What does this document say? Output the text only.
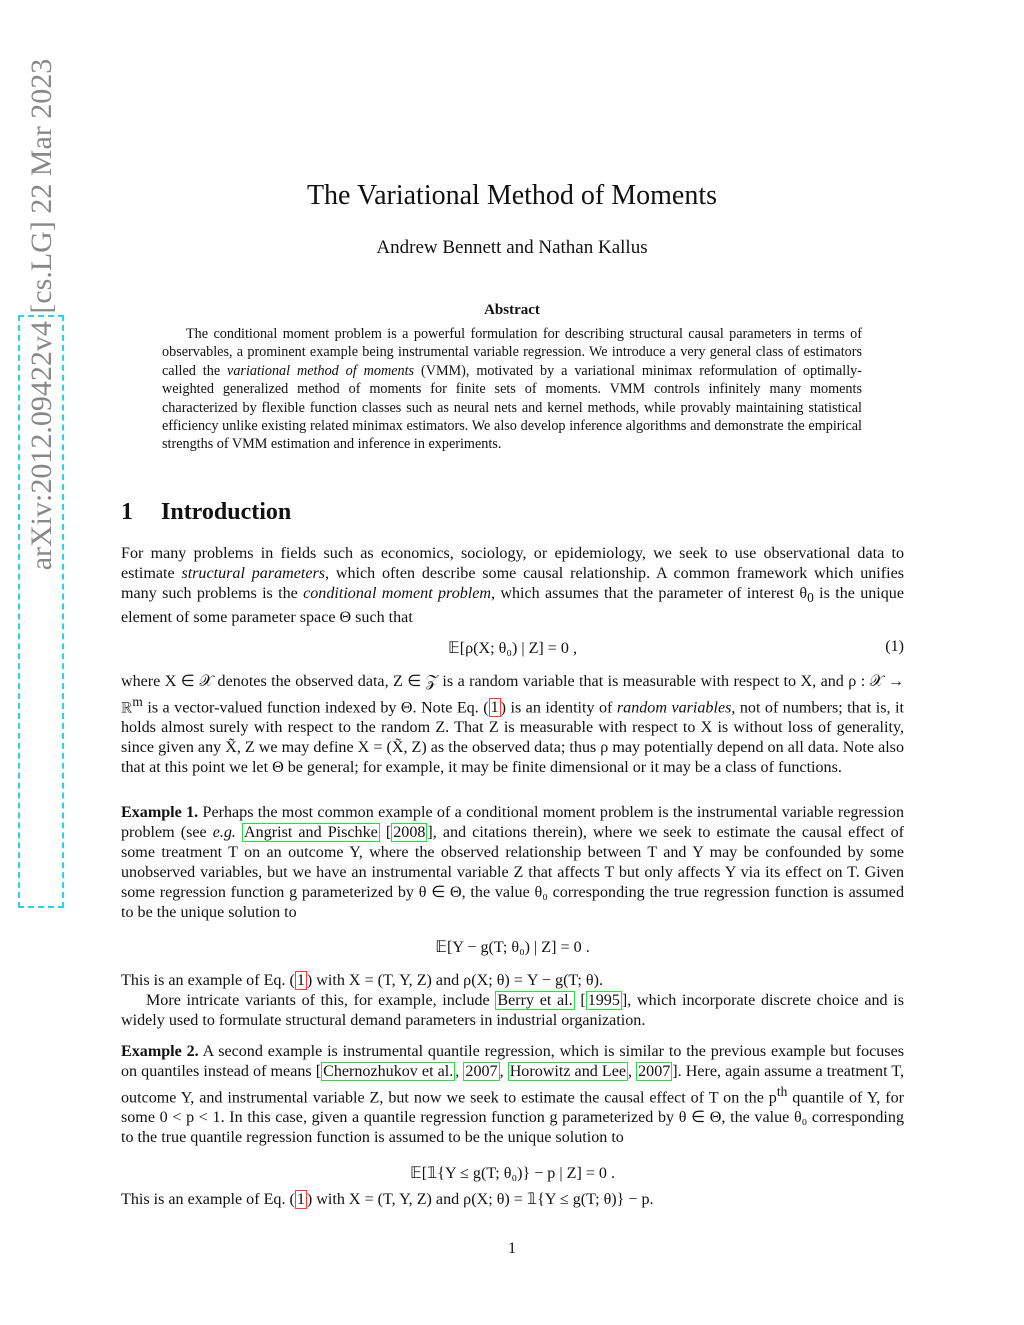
arXiv:2012.09422v4 [cs.LG] 22 Mar 2023	The Variational Method of Moments
Andrew Bennett and Nathan Kallus
Abstract
The conditional moment problem is a powerful formulation for describing structural causal parameters in terms of observables, a prominent example being instrumental variable regression. We introduce a very general class of estimators called the variational method of moments (VMM), motivated by a variational minimax reformulation of optimally-weighted generalized method of moments for finite sets of moments. VMM controls infinitely many moments characterized by flexible function classes such as neural nets and kernel methods, while provably maintaining statistical efficiency unlike existing related minimax estimators. We also develop inference algorithms and demonstrate the empirical strengths of VMM estimation and inference in experiments.
1 Introduction

For many problems in fields such as economics, sociology, or epidemiology, we seek to use observational data to estimate structural parameters, which often describe some causal relationship. A common framework which unifies many such problems is the conditional moment problem, which assumes that the parameter of interest $\theta_0$ is the unique element of some parameter space Θ such that

𝔼[ρ(X; θ₀) | Z] = 0 ,	(1)

where X ∈ 𝒳 denotes the observed data, Z ∈ 𝒵 is a random variable that is measurable with respect to X, and ρ : 𝒳 → ℝ$^m$ is a vector-valued function indexed by Θ. Note Eq. ( 1 ) is an identity of random variables, not of numbers; that is, it holds almost surely with respect to the random Z. That Z is measurable with respect to X is without loss of generality, since given any X̃, Z we may define X = (X̃, Z) as the observed data; thus ρ may potentially depend on all data. Note also that at this point we let Θ be general; for example, it may be finite dimensional or it may be a class of functions.

Example 1. Perhaps the most common example of a conditional moment problem is the instrumental variable regression problem (see e.g. Angrist and Pischke [ 2008 ], and citations therein), where we seek to estimate the causal effect of some treatment T on an outcome Y, where the observed relationship between T and Y may be confounded by some unobserved variables, but we have an instrumental variable Z that affects T but only affects Y via its effect on T. Given some regression function g parameterized by θ ∈ Θ, the value θ₀ corresponding the true regression function is assumed to be the unique solution to

𝔼[Y − g(T; θ₀) | Z] = 0 .

This is an example of Eq. ( 1 ) with X = (T, Y, Z) and ρ(X; θ) = Y − g(T; θ).

More intricate variants of this, for example, include Berry et al. [ 1995 ], which incorporate discrete choice and is widely used to formulate structural demand parameters in industrial organization.

Example 2. A second example is instrumental quantile regression, which is similar to the previous example but focuses on quantiles instead of means [ Chernozhukov et al. , 2007 , Horowitz and Lee , 2007 ]. Here, again assume a treatment T, outcome Y, and instrumental variable Z, but now we seek to estimate the causal effect of T on the $p^{th}$ quantile of Y, for some 0 < p < 1. In this case, given a quantile regression function g parameterized by θ ∈ Θ, the value θ₀ corresponding to the true quantile regression function is assumed to be the unique solution to

𝔼[𝟙{Y ≤ g(T; θ₀)} − p | Z] = 0 .

This is an example of Eq. ( 1 ) with X = (T, Y, Z) and ρ(X; θ) = 𝟙{Y ≤ g(T; θ)} − p.

1
